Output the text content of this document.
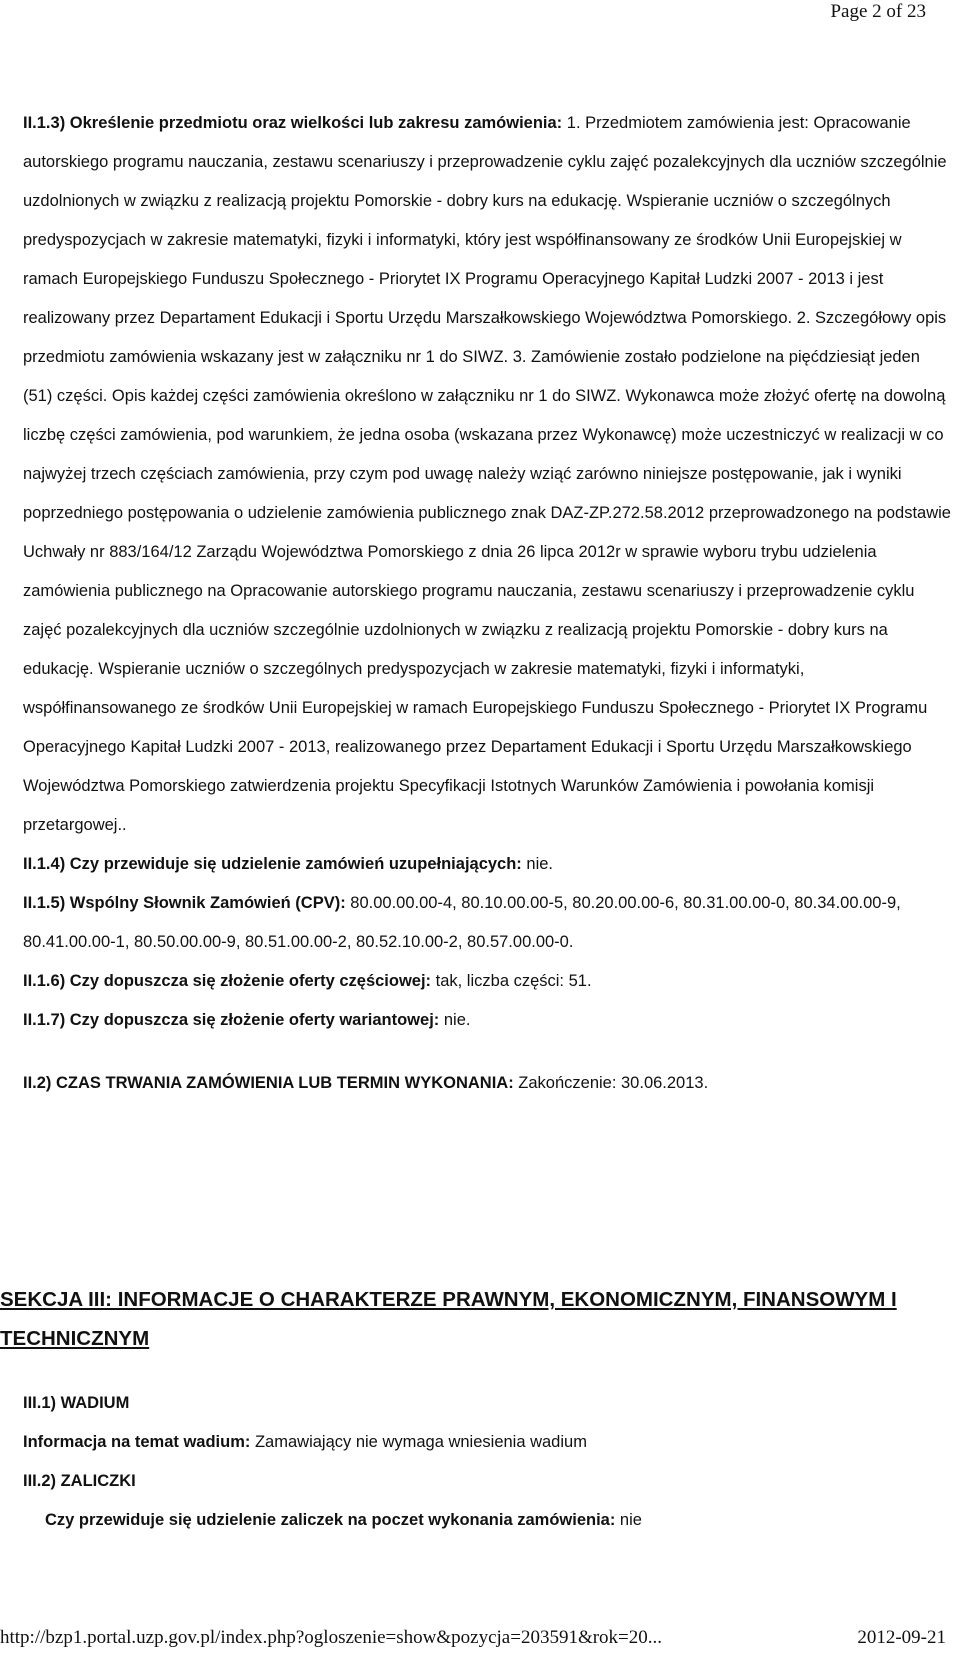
Page 2 of 23

II.1.3) Określenie przedmiotu oraz wielkości lub zakresu zamówienia: 1. Przedmiotem zamówienia jest: Opracowanie autorskiego programu nauczania, zestawu scenariuszy i przeprowadzenie cyklu zajęć pozalekcyjnych dla uczniów szczególnie uzdolnionych w związku z realizacją projektu Pomorskie - dobry kurs na edukację. Wspieranie uczniów o szczególnych predyspozycjach w zakresie matematyki, fizyki i informatyki, który jest współfinansowany ze środków Unii Europejskiej w ramach Europejskiego Funduszu Społecznego - Priorytet IX Programu Operacyjnego Kapitał Ludzki 2007 - 2013 i jest realizowany przez Departament Edukacji i Sportu Urzędu Marszałkowskiego Województwa Pomorskiego. 2. Szczegółowy opis przedmiotu zamówienia wskazany jest w załączniku nr 1 do SIWZ. 3. Zamówienie zostało podzielone na pięćdziesiąt jeden (51) części. Opis każdej części zamówienia określono w załączniku nr 1 do SIWZ. Wykonawca może złożyć ofertę na dowolną liczbę części zamówienia, pod warunkiem, że jedna osoba (wskazana przez Wykonawcę) może uczestniczyć w realizacji w co najwyżej trzech częściach zamówienia, przy czym pod uwagę należy wziąć zarówno niniejsze postępowanie, jak i wyniki poprzedniego postępowania o udzielenie zamówienia publicznego znak DAZ-ZP.272.58.2012 przeprowadzonego na podstawie Uchwały nr 883/164/12 Zarządu Województwa Pomorskiego z dnia 26 lipca 2012r w sprawie wyboru trybu udzielenia zamówienia publicznego na Opracowanie autorskiego programu nauczania, zestawu scenariuszy i przeprowadzenie cyklu zajęć pozalekcyjnych dla uczniów szczególnie uzdolnionych w związku z realizacją projektu Pomorskie - dobry kurs na edukację. Wspieranie uczniów o szczególnych predyspozycjach w zakresie matematyki, fizyki i informatyki, współfinansowanego ze środków Unii Europejskiej w ramach Europejskiego Funduszu Społecznego - Priorytet IX Programu Operacyjnego Kapitał Ludzki 2007 - 2013, realizowanego przez Departament Edukacji i Sportu Urzędu Marszałkowskiego Województwa Pomorskiego zatwierdzenia projektu Specyfikacji Istotnych Warunków Zamówienia i powołania komisji przetargowej..

II.1.4) Czy przewiduje się udzielenie zamówień uzupełniających: nie.

II.1.5) Wspólny Słownik Zamówień (CPV): 80.00.00.00-4, 80.10.00.00-5, 80.20.00.00-6, 80.31.00.00-0, 80.34.00.00-9, 80.41.00.00-1, 80.50.00.00-9, 80.51.00.00-2, 80.52.10.00-2, 80.57.00.00-0.

II.1.6) Czy dopuszcza się złożenie oferty częściowej: tak, liczba części: 51.

II.1.7) Czy dopuszcza się złożenie oferty wariantowej: nie.

II.2) CZAS TRWANIA ZAMÓWIENIA LUB TERMIN WYKONANIA: Zakończenie: 30.06.2013.

SEKCJA III: INFORMACJE O CHARAKTERZE PRAWNYM, EKONOMICZNYM, FINANSOWYM I TECHNICZNYM

III.1) WADIUM

Informacja na temat wadium: Zamawiający nie wymaga wniesienia wadium

III.2) ZALICZKI

Czy przewiduje się udzielenie zaliczek na poczet wykonania zamówienia: nie

http://bzp1.portal.uzp.gov.pl/index.php?ogloszenie=show&pozycja=203591&rok=20...	2012-09-21
